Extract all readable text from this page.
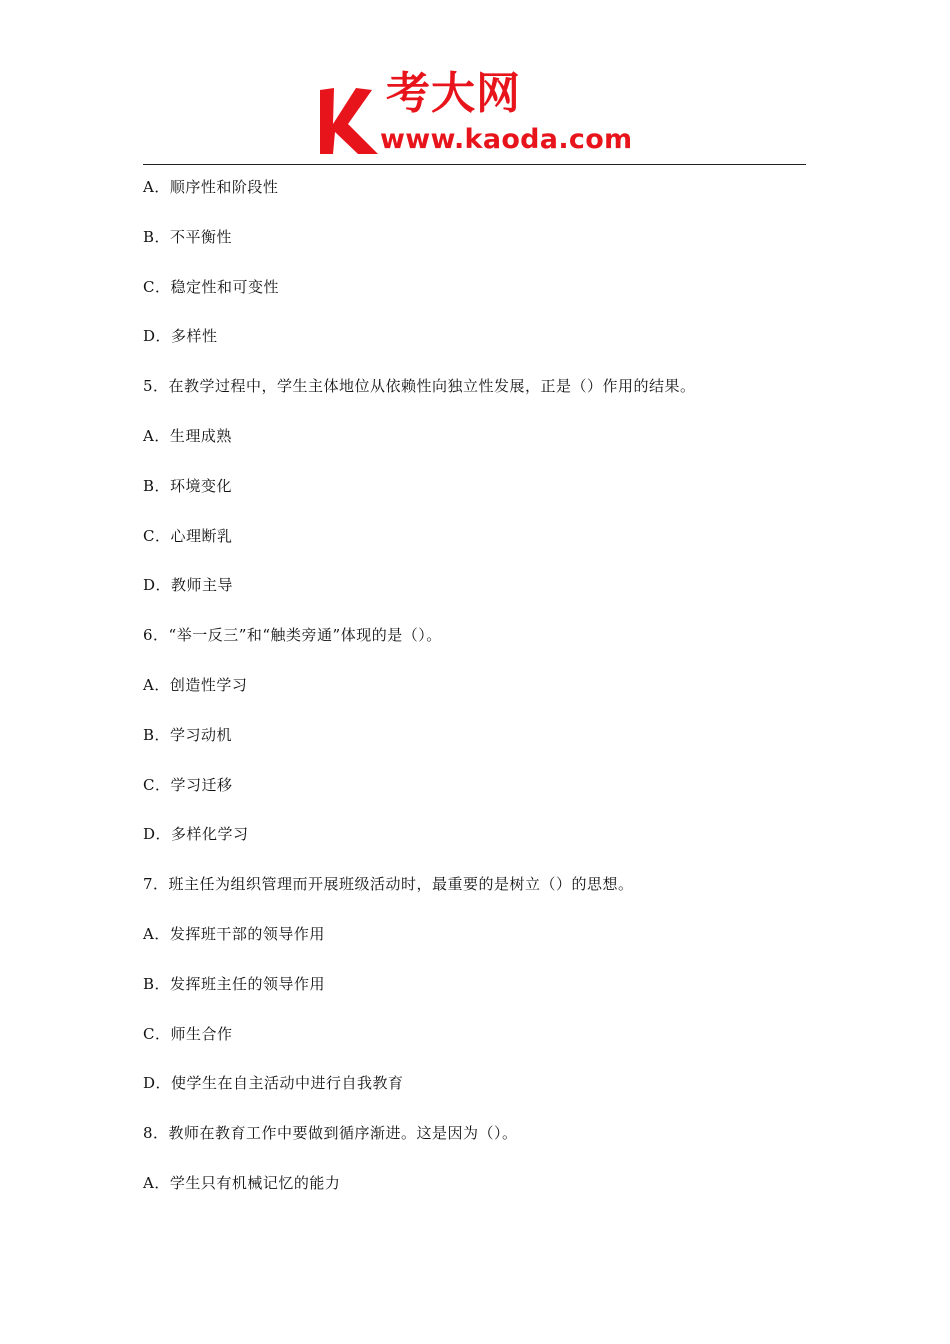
考大网
www.kaoda.com
A．顺序性和阶段性
B．不平衡性
C．稳定性和可变性
D．多样性
5．在教学过程中，学生主体地位从依赖性向独立性发展，正是（）作用的结果。
A．生理成熟
B．环境变化
C．心理断乳
D．教师主导
6．“举一反三”和“触类旁通”体现的是（）。
A．创造性学习
B．学习动机
C．学习迁移
D．多样化学习
7．班主任为组织管理而开展班级活动时，最重要的是树立（）的思想。
A．发挥班干部的领导作用
B．发挥班主任的领导作用
C．师生合作
D．使学生在自主活动中进行自我教育
8．教师在教育工作中要做到循序渐进。这是因为（）。
A．学生只有机械记忆的能力
